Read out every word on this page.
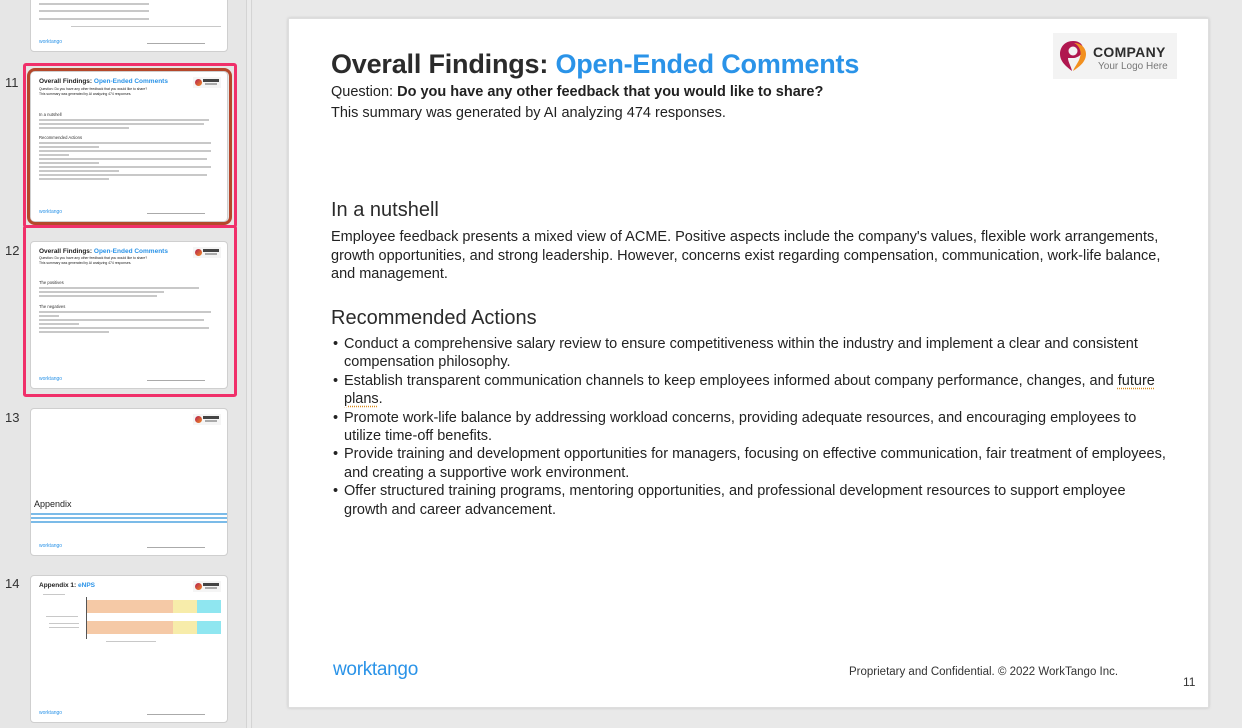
worktango
11	Overall Findings: Open-Ended Comments
Question: Do you have any other feedback that you would like to share?
This summary was generated by AI analyzing 474 responses.
In a nutshell
Recommended Actions
worktango
12	Overall Findings: Open-Ended Comments
Question: Do you have any other feedback that you would like to share?
This summary was generated by AI analyzing 474 responses.
The positives
The negatives
worktango
13
Appendix
worktango
14	Appendix 1: eNPS
worktango
Overall Findings: Open-Ended Comments
Question: Do you have any other feedback that you would like to share?
This summary was generated by AI analyzing 474 responses.
COMPANY
Your Logo Here
In a nutshell
Employee feedback presents a mixed view of ACME. Positive aspects include the company's values, flexible work arrangements, growth opportunities, and strong leadership. However, concerns exist regarding compensation, communication, work-life balance, and management.
Recommended Actions
• Conduct a comprehensive salary review to ensure competitiveness within the industry and implement a clear and consistent compensation philosophy.
• Establish transparent communication channels to keep employees informed about company performance, changes, and future plans.
• Promote work-life balance by addressing workload concerns, providing adequate resources, and encouraging employees to utilize time-off benefits.
• Provide training and development opportunities for managers, focusing on effective communication, fair treatment of employees, and creating a supportive work environment.
• Offer structured training programs, mentoring opportunities, and professional development resources to support employee growth and career advancement.
worktango	Proprietary and Confidential. © 2022 WorkTango Inc.
11
